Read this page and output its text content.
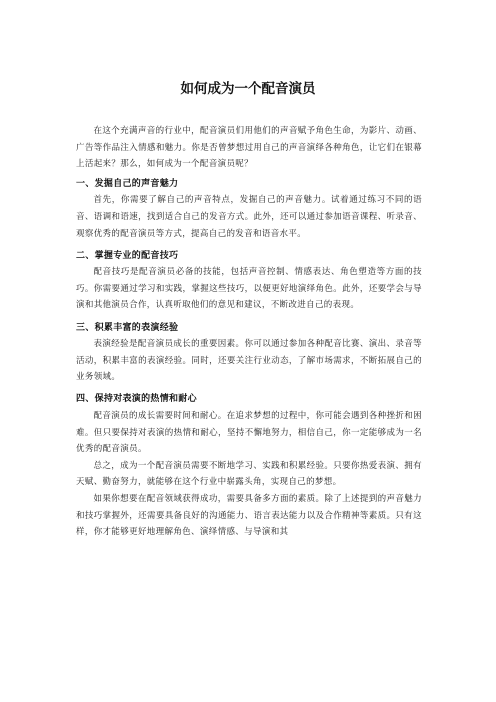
如何成为一个配音演员

在这个充满声音的行业中，配音演员们用他们的声音赋予角色生命，为影片、动画、广告等作品注入情感和魅力。你是否曾梦想过用自己的声音演绎各种角色，让它们在银幕上活起来？那么，如何成为一个配音演员呢？

一、发掘自己的声音魅力

首先，你需要了解自己的声音特点，发掘自己的声音魅力。试着通过练习不同的语音、语调和语速，找到适合自己的发音方式。此外，还可以通过参加语音课程、听录音、观察优秀的配音演员等方式，提高自己的发音和语音水平。

二、掌握专业的配音技巧

配音技巧是配音演员必备的技能，包括声音控制、情感表达、角色塑造等方面的技巧。你需要通过学习和实践，掌握这些技巧，以便更好地演绎角色。此外，还要学会与导演和其他演员合作，认真听取他们的意见和建议，不断改进自己的表现。

三、积累丰富的表演经验

表演经验是配音演员成长的重要因素。你可以通过参加各种配音比赛、演出、录音等活动，积累丰富的表演经验。同时，还要关注行业动态，了解市场需求，不断拓展自己的业务领域。

四、保持对表演的热情和耐心

配音演员的成长需要时间和耐心。在追求梦想的过程中，你可能会遇到各种挫折和困难。但只要保持对表演的热情和耐心，坚持不懈地努力，相信自己，你一定能够成为一名优秀的配音演员。

总之，成为一个配音演员需要不断地学习、实践和积累经验。只要你热爱表演、拥有天赋、勤奋努力，就能够在这个行业中崭露头角，实现自己的梦想。

如果你想要在配音领域获得成功，需要具备多方面的素质。除了上述提到的声音魅力和技巧掌握外，还需要具备良好的沟通能力、语言表达能力以及合作精神等素质。只有这样，你才能够更好地理解角色、演绎情感、与导演和其
